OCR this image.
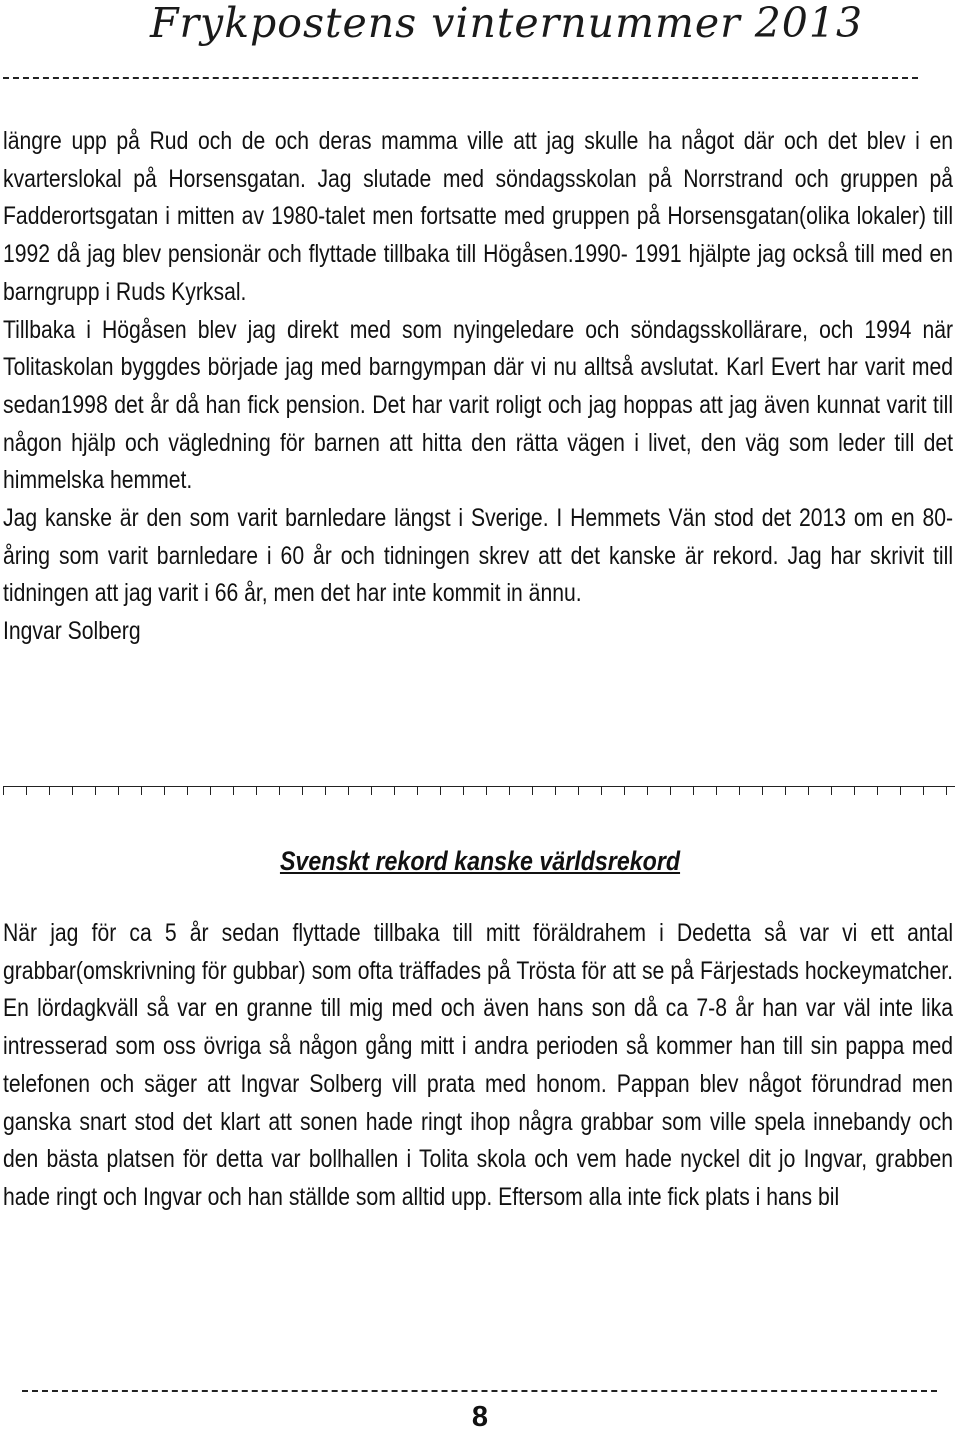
Frykpostens vinternummer 2013

längre upp på Rud och de och deras mamma ville att jag skulle ha något där och det blev i en kvarterslokal på Horsensgatan. Jag slutade med söndagsskolan på Norrstrand och gruppen på Fadderortsgatan i mitten av 1980-talet men fortsatte med gruppen på Horsensgatan(olika lokaler) till 1992 då jag blev pensionär och flyttade tillbaka till Högåsen.1990- 1991 hjälpte jag också till med en barngrupp i Ruds Kyrksal.

Tillbaka i Högåsen blev jag direkt med som nyingeledare och söndagsskollärare, och 1994 när Tolitaskolan byggdes började jag med barngympan där vi nu alltså avslutat. Karl Evert har varit med sedan1998 det år då han fick pension. Det har varit roligt och jag hoppas att jag även kunnat varit till någon hjälp och vägledning för barnen att hitta den rätta vägen i livet, den väg som leder till det himmelska hemmet.

Jag kanske är den som varit barnledare längst i Sverige. I Hemmets Vän stod det 2013 om en 80-åring som varit barnledare i 60 år och tidningen skrev att det kanske är rekord. Jag har skrivit till tidningen att jag varit i 66 år, men det har inte kommit in ännu.

Ingvar Solberg

Svenskt rekord kanske världsrekord

När jag för ca 5 år sedan flyttade tillbaka till mitt föräldrahem i Dedetta så var vi ett antal grabbar(omskrivning för gubbar) som ofta träffades på Trösta för att se på Färjestads hockeymatcher. En lördagkväll så var en granne till mig med och även hans son då ca 7-8 år han var väl inte lika intresserad som oss övriga så någon gång mitt i andra perioden så kommer han till sin pappa med telefonen och säger att Ingvar Solberg vill prata med honom. Pappan blev något förundrad men ganska snart stod det klart att sonen hade ringt ihop några grabbar som ville spela innebandy och den bästa platsen för detta var bollhallen i Tolita skola och vem hade nyckel dit jo Ingvar, grabben hade ringt och Ingvar och han ställde som alltid upp. Eftersom alla inte fick plats i hans bil

8
